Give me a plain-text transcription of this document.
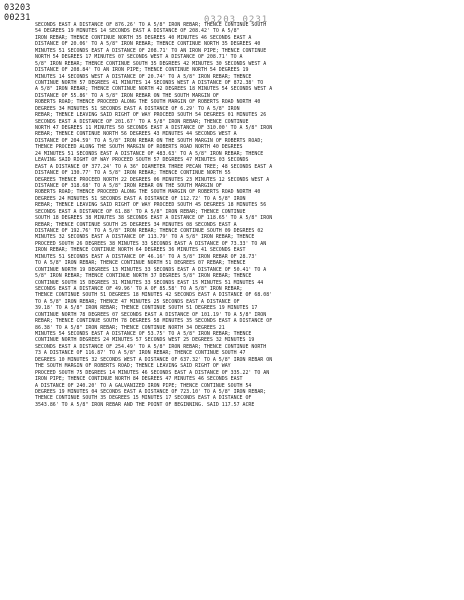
03203
00231	03203 0231
SECONDS EAST A DISTANCE OF 876.26' TO A 5/8" IRON REBAR; THENCE CONTINUE SOUTH
54 DEGREES 19 MINUTES 14 SECONDS EAST A DISTANCE OF 208.42' TO A 5/8"
IRON REBAR; THENCE CONTINUE NORTH 35 DEGREES 40 MINUTES 46 SECONDS EAST A
DISTANCE OF 20.06' TO A 5/8" IRON REBAR; THENCE CONTINUE NORTH 35 DEGREES 40
MINUTES 51 SECONDS EAST A DISTANCE OF 208.71' TO AN IRON PIPE; THENCE CONTINUE
NORTH 54 DEGREES 17 MINUTES 07 SECONDS WEST A DISTANCE OF 208.71' TO A
5/8" IRON REBAR; THENCE CONTINUE SOUTH 35 DEGREES 42 MINUTES 30 SECONDS WEST A
DISTANCE OF 208.84' TO AN IRON PIPE; THENCE CONTINUE NORTH 54 DEGREES 19
MINUTES 14 SECONDS WEST A DISTANCE OF 20.74' TO A 5/8" IRON REBAR; THENCE
CONTINUE NORTH 57 DEGREES 41 MINUTES 14 SECONDS WEST A DISTANCE OF 872.38' TO
A 5/8" IRON REBAR; THENCE CONTINUE NORTH 42 DEGREES 18 MINUTES 54 SECONDS WEST A
DISTANCE OF 55.86' TO A 5/8" IRON REBAR ON THE SOUTH MARGIN OF
ROBERTS ROAD; THENCE PROCEED ALONG THE SOUTH MARGIN OF ROBERTS ROAD NORTH 40
DEGREES 34 MINUTES 51 SECONDS EAST A DISTANCE OF 6.29' TO A 5/8" IRON
REBAR; THENCE LEAVING SAID RIGHT OF WAY PROCEED SOUTH 54 DEGREES 01 MINUTES 26
SECONDS EAST A DISTANCE OF 201.67' TO A 5/8" IRON REBAR; THENCE CONTINUE
NORTH 47 DEGREES 11 MINUTES 50 SECONDS EAST A DISTANCE OF 310.00' TO A 5/8" IRON
REBAR; THENCE CONTINUE NORTH 56 DEGREES 43 MINUTES 44 SECONDS WEST A
DISTANCE OF 204.59' TO A 5/8" IRON REBAR ON THE SOUTH MARGIN OF ROBERTS ROAD;
THENCE PROCEED ALONG THE SOUTH MARGIN OF ROBERTS ROAD NORTH 40 DEGREES
24 MINUTES 51 SECONDS EAST A DISTANCE OF 483.63' TO A 5/8" IRON REBAR; THENCE
LEAVING SAID RIGHT OF WAY PROCEED SOUTH 57 DEGREES 47 MINUTES 03 SECONDS
EAST A DISTANCE OF 377.24' TO A 36" DIAMETER THREE PECAN TREE; 48 SECONDS EAST A
DISTANCE OF 130.77' TO A 5/8" IRON REBAR; THENCE CONTINUE NORTH 55
DEGREES THENCE PROCEED NORTH 22 DEGREES 06 MINUTES 23 MINUTES 12 SECONDS WEST A
DISTANCE OF 318.68' TO A 5/8" IRON REBAR ON THE SOUTH MARGIN OF
ROBERTS ROAD; THENCE PROCEED ALONG THE SOUTH MARGIN OF ROBERTS ROAD NORTH 40
DEGREES 24 MINUTES 51 SECONDS EAST A DISTANCE OF 112.72' TO A 5/8" IRON
REBAR; THENCE LEAVING SAID RIGHT OF WAY PROCEED SOUTH 45 DEGREES 18 MINUTES 56
SECONDS EAST A DISTANCE OF 61.88' TO A 5/8" IRON REBAR; THENCE CONTINUE
SOUTH 18 DEGREES 38 MINUTES 38 SECONDS EAST A DISTANCE OF 118.65' TO A 5/8" IRON
REBAR; THENCE CONTINUE SOUTH 25 DEGREES 34 MINUTES 08 SECONDS EAST A
DISTANCE OF 192.76' TO A 5/8" IRON REBAR; THENCE CONTINUE SOUTH 09 DEGREES 02
MINUTES 32 SECONDS EAST A DISTANCE OF 113.79' TO A 5/8" IRON REBAR; THENCE
PROCEED SOUTH 26 DEGREES 38 MINUTES 33 SECONDS EAST A DISTANCE OF 73.33' TO AN
IRON REBAR; THENCE CONTINUE NORTH 64 DEGREES 36 MINUTES 41 SECONDS EAST
MINUTES 51 SECONDS EAST A DISTANCE OF 46.16' TO A 5/8" IRON REBAR OF 28.73'
TO A 5/8" IRON REBAR; THENCE CONTINUE NORTH 51 DEGREES 07 REBAR; THENCE
CONTINUE NORTH 19 DEGREES 13 MINUTES 33 SECONDS EAST A DISTANCE OF 50.41' TO A
5/8" IRON REBAR; THENCE CONTINUE NORTH 37 DEGREES 5/8" IRON REBAR; THENCE
CONTINUE SOUTH 15 DEGREES 31 MINUTES 33 SECONDS EAST 15 MINUTES 51 MINUTES 44
SECONDS EAST A DISTANCE OF 49.96' TO A OF 85.58' TO A 5/8" IRON REBAR;
THENCE CONTINUE SOUTH 51 DEGREES 18 MINUTES 42 SECONDS EAST A DISTANCE OF 68.08'
TO A 5/8" IRON REBAR; THENCE 47 MINUTES 25 SECONDS EAST A DISTANCE OF
39.18' TO A 5/8" IRON REBAR; THENCE CONTINUE SOUTH 51 DEGREES 19 MINUTES 17
CONTINUE NORTH 78 DEGREES 07 SECONDS EAST A DISTANCE OF 101.19' TO A 5/8" IRON
REBAR; THENCE CONTINUE SOUTH 78 DEGREES 58 MINUTES 35 SECONDS EAST A DISTANCE OF
86.38' TO A 5/8" IRON REBAR; THENCE CONTINUE NORTH 34 DEGREES 21
MINUTES 54 SECONDS EAST A DISTANCE OF 53.75' TO A 5/8" IRON REBAR; THENCE
CONTINUE NORTH DEGREES 24 MINUTES 57 SECONDS WEST 25 DEGREES 32 MINUTES 19
SECONDS EAST A DISTANCE OF 254.49' TO A 5/8" IRON REBAR; THENCE CONTINUE NORTH
73 A DISTANCE OF 116.87' TO A 5/8" IRON REBAR; THENCE CONTINUE SOUTH 47
DEGREES 10 MINUTES 32 SECONDS WEST A DISTANCE OF 637.32' TO A 5/8" IRON REBAR ON
THE SOUTH MARGIN OF ROBERTS ROAD; THENCE LEAVING SAID RIGHT OF WAY
PROCEED SOUTH 75 DEGREES 14 MINUTES 46 SECONDS EAST A DISTANCE OF 335.22' TO AN
IRON PIPE; THENCE CONTINUE NORTH 84 DEGREES 47 MINUTES 46 SECONDS EAST
A DISTANCE OF 240.20' TO A GALVANIZED IRON PIPE; THENCE CONTINUE SOUTH 54
DEGREES 19 MINUTES 04 SECONDS EAST A DISTANCE OF 723.10' TO A 5/8" IRON REBAR;
THENCE CONTINUE SOUTH 35 DEGREES 15 MINUTES 17 SECONDS EAST A DISTANCE OF
3543.86' TO A 5/8" IRON REBAR AND THE POINT OF BEGINNING. SAID 117.57 ACRE
